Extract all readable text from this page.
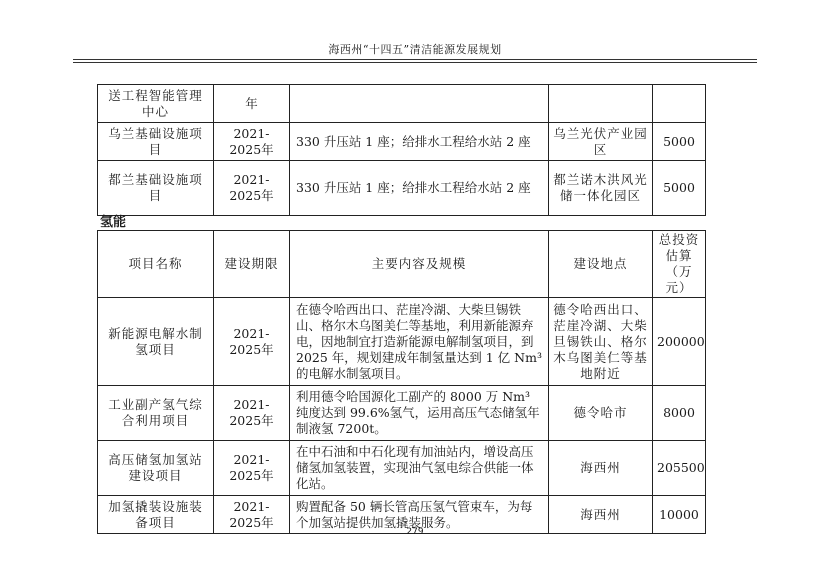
海西州“十四五”清洁能源发展规划
送工程智能管理中心	年			
乌兰基础设施项目	2021-2025年	330 升压站 1 座；给排水工程给水站 2 座	乌兰光伏产业园区	5000
都兰基础设施项目	2021-2025年	330 升压站 1 座；给排水工程给水站 2 座	都兰诺木洪风光储一体化园区	5000
氢能
项目名称	建设期限	主要内容及规模	建设地点	总投资估算（万元）
新能源电解水制氢项目	2021-2025年	在德令哈西出口、茫崖冷湖、大柴旦锡铁山、格尔木乌图美仁等基地，利用新能源弃电，因地制宜打造新能源电解制氢项目，到 2025 年，规划建成年制氢量达到 1 亿 Nm³ 的电解水制氢项目。	德令哈西出口、茫崖冷湖、大柴旦锡铁山、格尔木乌图美仁等基地附近	200000
工业副产氢气综合利用项目	2021-2025年	利用德令哈国源化工副产的 8000 万 Nm³ 纯度达到 99.6%氢气，运用高压气态储氢年制液氢 7200t。	德令哈市	8000
高压储氢加氢站建设项目	2021-2025年	在中石油和中石化现有加油站内，增设高压储氢加氢装置，实现油气氢电综合供能一体化站。	海西州	205500
加氢撬装设施装备项目	2021-2025年	购置配备 50 辆长管高压氢气管束车，为每个加氢站提供加氢撬装服务。	海西州	10000
279
